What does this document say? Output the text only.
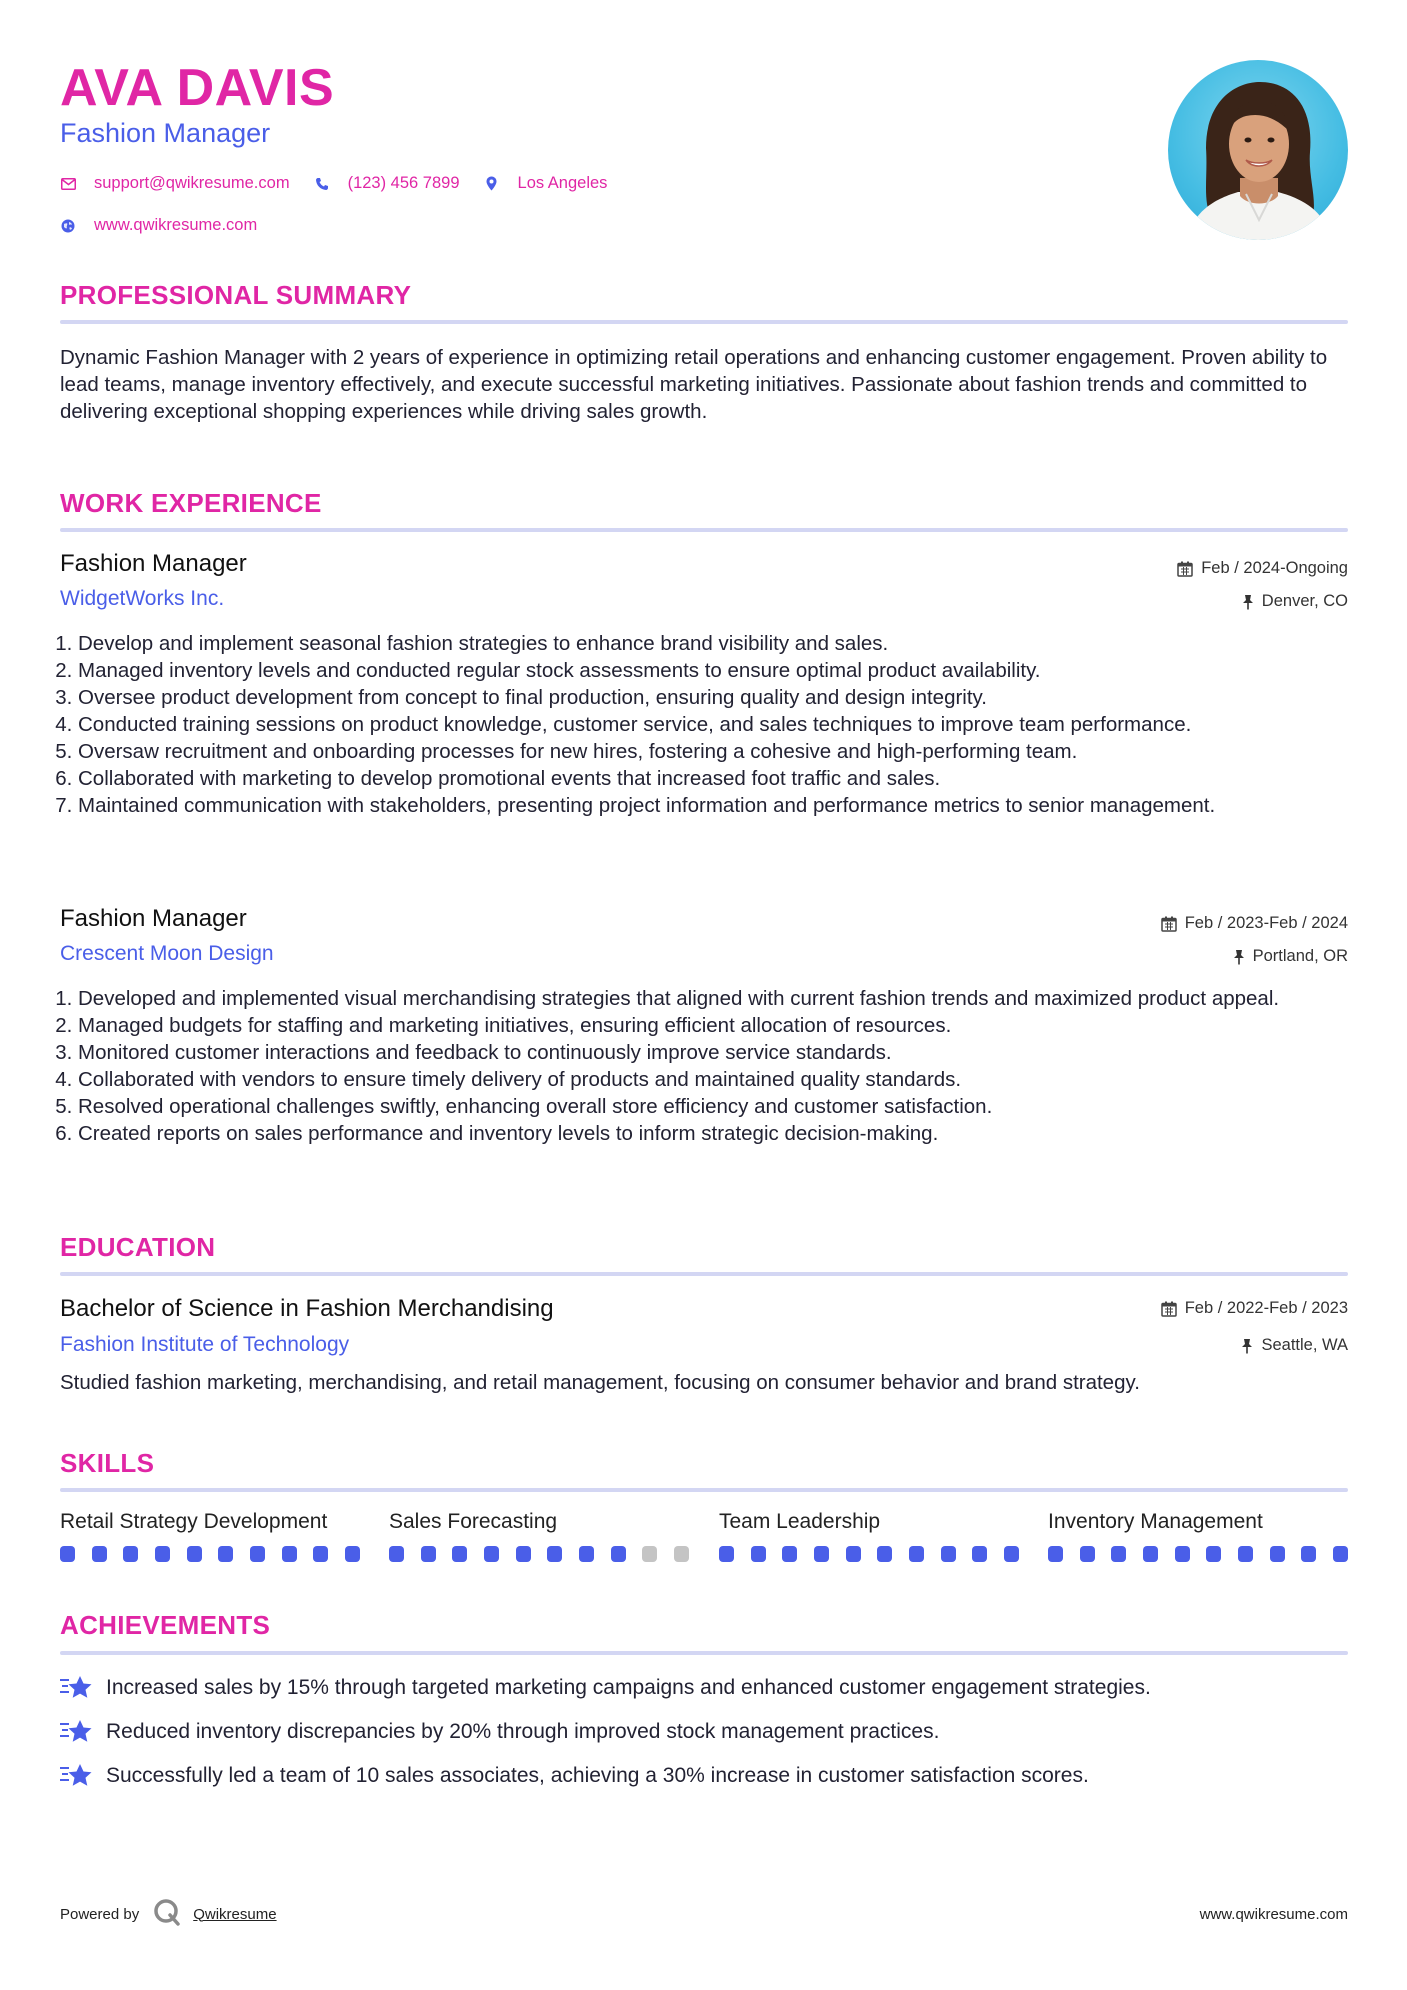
AVA DAVIS
Fashion Manager
support@qwikresume.com	(123) 456 7899	Los Angeles
www.qwikresume.com
PROFESSIONAL SUMMARY

Dynamic Fashion Manager with 2 years of experience in optimizing retail operations and enhancing customer engagement. Proven ability to lead teams, manage inventory effectively, and execute successful marketing initiatives. Passionate about fashion trends and committed to delivering exceptional shopping experiences while driving sales growth.

WORK EXPERIENCE

Fashion Manager	Feb / 2024-Ongoing

WidgetWorks Inc.	Denver, CO
1. Develop and implement seasonal fashion strategies to enhance brand visibility and sales.
2. Managed inventory levels and conducted regular stock assessments to ensure optimal product availability.
3. Oversee product development from concept to final production, ensuring quality and design integrity.
4. Conducted training sessions on product knowledge, customer service, and sales techniques to improve team performance.
5. Oversaw recruitment and onboarding processes for new hires, fostering a cohesive and high-performing team.
6. Collaborated with marketing to develop promotional events that increased foot traffic and sales.
7. Maintained communication with stakeholders, presenting project information and performance metrics to senior management.

Fashion Manager	Feb / 2023-Feb / 2024

Crescent Moon Design	Portland, OR
1. Developed and implemented visual merchandising strategies that aligned with current fashion trends and maximized product appeal.
2. Managed budgets for staffing and marketing initiatives, ensuring efficient allocation of resources.
3. Monitored customer interactions and feedback to continuously improve service standards.
4. Collaborated with vendors to ensure timely delivery of products and maintained quality standards.
5. Resolved operational challenges swiftly, enhancing overall store efficiency and customer satisfaction.
6. Created reports on sales performance and inventory levels to inform strategic decision-making.
EDUCATION

Bachelor of Science in Fashion Merchandising	Feb / 2022-Feb / 2023

Fashion Institute of Technology	Seattle, WA

Studied fashion marketing, merchandising, and retail management, focusing on consumer behavior and brand strategy.

SKILLS

Retail Strategy Development	Sales Forecasting	Team Leadership	Inventory Management

ACHIEVEMENTS
Increased sales by 15% through targeted marketing campaigns and enhanced customer engagement strategies.
Reduced inventory discrepancies by 20% through improved stock management practices.
Successfully led a team of 10 sales associates, achieving a 30% increase in customer satisfaction scores.
Powered by	Qwikresume	www.qwikresume.com
